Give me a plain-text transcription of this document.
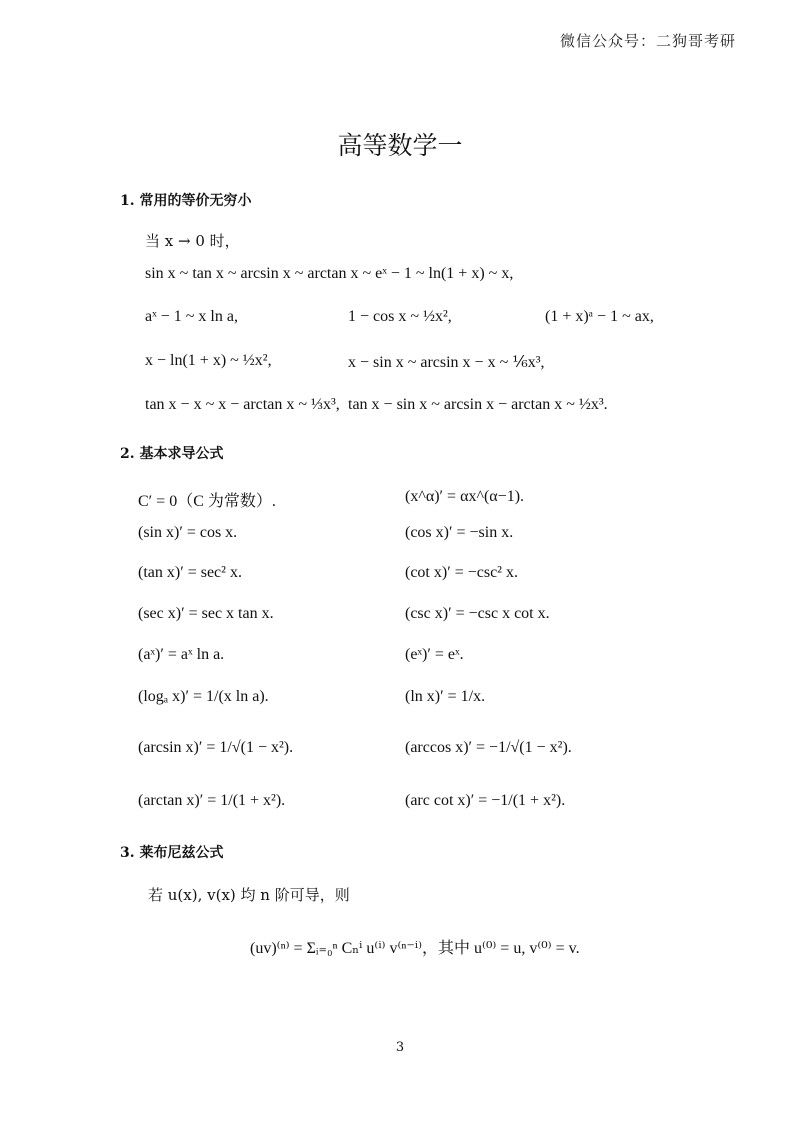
微信公众号：二狗哥考研
高等数学一
1. 常用的等价无穷小
当 x → 0 时，
sin x ~ tan x ~ arcsin x ~ arctan x ~ eˣ − 1 ~ ln(1 + x) ~ x,
aˣ − 1 ~ x ln a,	1 − cos x ~ ½x²,	(1 + x)ᵃ − 1 ~ ax,
x − ln(1 + x) ~ ½x²,	x − sin x ~ arcsin x − x ~ ⅙x³,
tan x − x ~ x − arctan x ~ ⅓x³, tan x − sin x ~ arcsin x − arctan x ~ ½x³.
2. 基本求导公式
C′ = 0（C 为常数）.	(x^α)′ = αx^(α−1).
(sin x)′ = cos x.	(cos x)′ = −sin x.
(tan x)′ = sec² x.	(cot x)′ = −csc² x.
(sec x)′ = sec x tan x.	(csc x)′ = −csc x cot x.
(aˣ)′ = aˣ ln a.	(eˣ)′ = eˣ.
(logₐ x)′ = 1/(x ln a).	(ln x)′ = 1/x.
(arcsin x)′ = 1/√(1 − x²).	(arccos x)′ = −1/√(1 − x²).
(arctan x)′ = 1/(1 + x²).	(arc cot x)′ = −1/(1 + x²).
3. 莱布尼兹公式
若 u(x), v(x) 均 n 阶可导，则
(uv)⁽ⁿ⁾ = Σᵢ₌₀ⁿ Cₙⁱ u⁽ⁱ⁾ v⁽ⁿ⁻ⁱ⁾，其中 u⁽⁰⁾ = u, v⁽⁰⁾ = v.
3
